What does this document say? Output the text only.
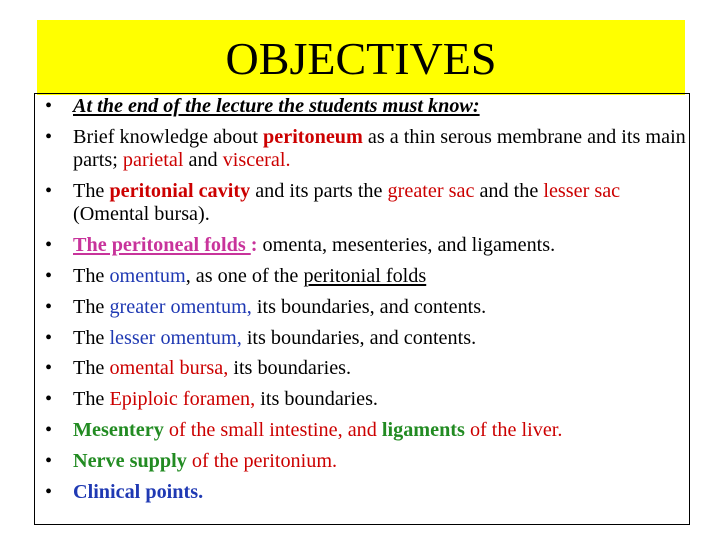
OBJECTIVES
• At the end of the lecture the students must know:
• Brief knowledge about peritoneum as a thin serous membrane and its main parts; parietal and visceral.
• The peritonial cavity and its parts the greater sac and the lesser sac (Omental bursa).
• The peritoneal folds : omenta, mesenteries, and ligaments.
• The omentum, as one of the peritonial folds
• The greater omentum, its boundaries, and contents.
• The lesser omentum, its boundaries, and contents.
• The omental bursa, its boundaries.
• The Epiploic foramen, its boundaries.
• Mesentery of the small intestine, and ligaments of the liver.
• Nerve supply of the peritonium.
• Clinical points.
